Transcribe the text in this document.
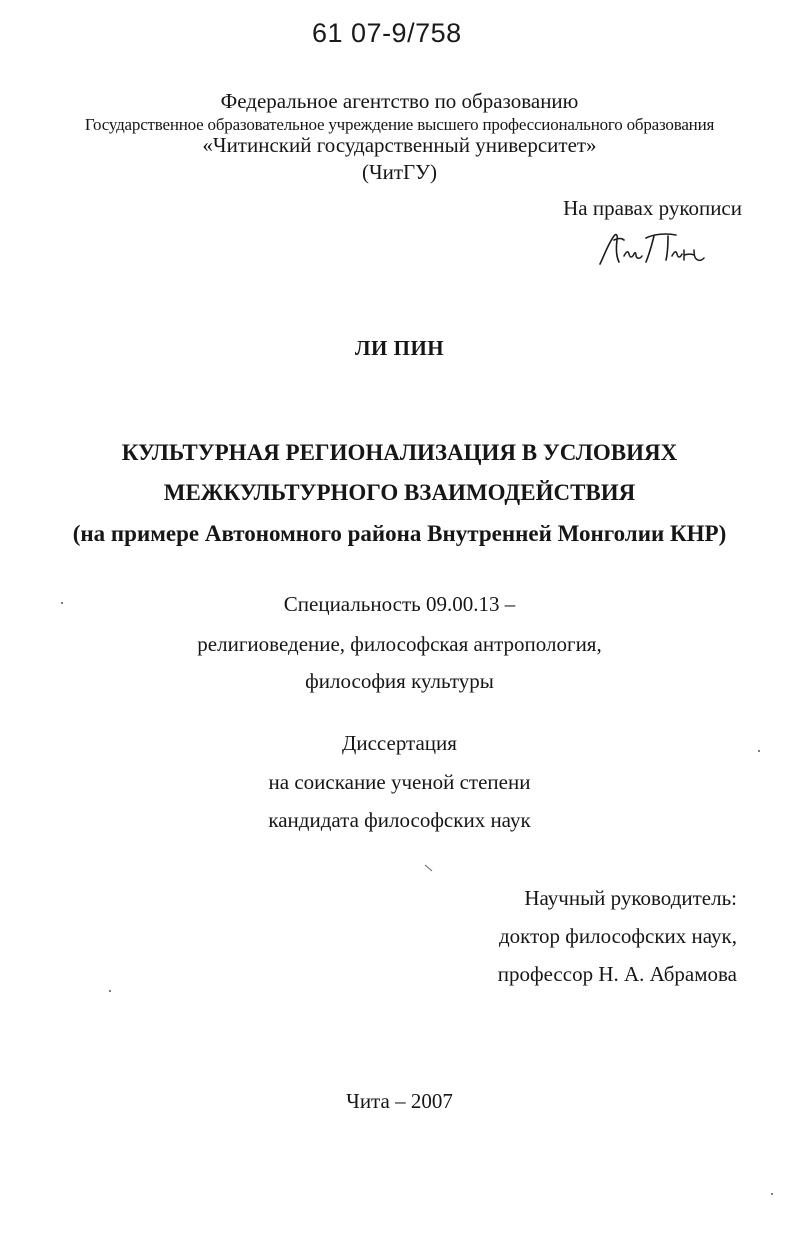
61 07-9/758
Федеральное агентство по образованию
Государственное образовательное учреждение высшего профессионального образования
«Читинский государственный университет»
(ЧитГУ)
На правах рукописи
ЛИ ПИН
КУЛЬТУРНАЯ РЕГИОНАЛИЗАЦИЯ В УСЛОВИЯХ
МЕЖКУЛЬТУРНОГО ВЗАИМОДЕЙСТВИЯ
(на примере Автономного района Внутренней Монголии КНР)
Специальность 09.00.13 –
религиоведение, философская антропология,
философия культуры
Диссертация
на соискание ученой степени
кандидата философских наук
Научный руководитель:
доктор философских наук,
профессор Н. А. Абрамова
Чита – 2007
